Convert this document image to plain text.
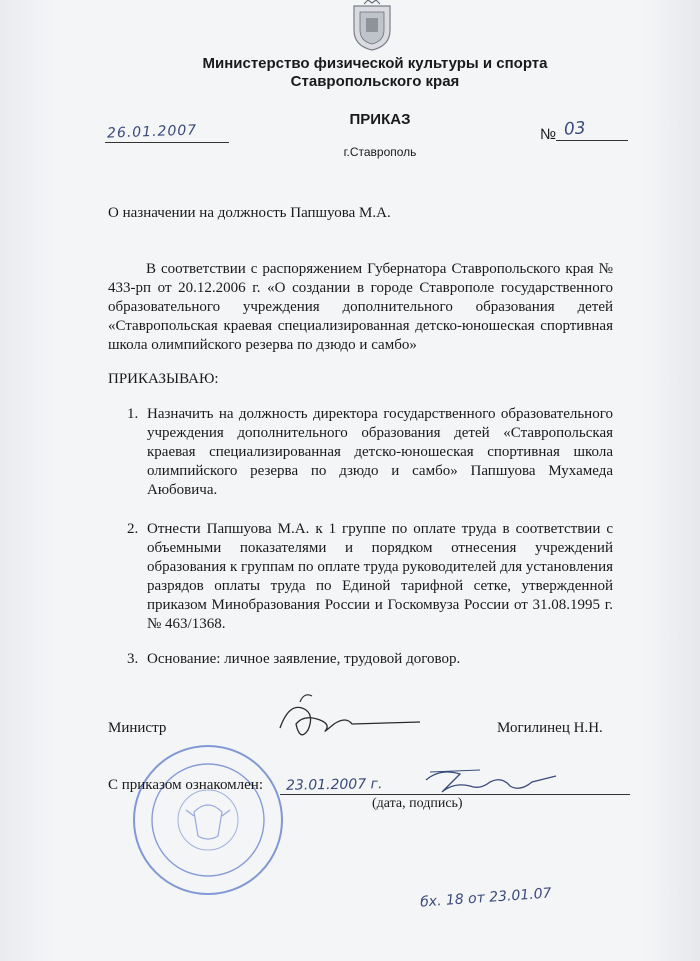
Министерство физической культуры и спорта
Ставропольского края
ПРИКАЗ
26.01.2007	№ 03
г.Ставрополь
О назначении на должность Папшуова М.А.
В соответствии с распоряжением Губернатора Ставропольского края № 433-рп от 20.12.2006 г. «О создании в городе Ставрополе государственного образовательного учреждения дополнительного образования детей «Ставропольская краевая специализированная детско-юношеская спортивная школа олимпийского резерва по дзюдо и самбо»
ПРИКАЗЫВАЮ:
1. Назначить на должность директора государственного образовательного учреждения дополнительного образования детей «Ставропольская краевая специализированная детско-юношеская спортивная школа олимпийского резерва по дзюдо и самбо» Папшуова Мухамеда Аюбовича.
2. Отнести Папшуова М.А. к 1 группе по оплате труда в соответствии с объемными показателями и порядком отнесения учреждений образования к группам по оплате труда руководителей для установления разрядов оплаты труда по Единой тарифной сетке, утвержденной приказом Минобразования России и Госкомвуза России от 31.08.1995 г. № 463/1368.
3. Основание: личное заявление, трудовой договор.
Министр	Могилинец Н.Н.
С приказом ознакомлен: 23.01.2007 г.
(дата, подпись)
бх. 18 от 23.01.07
